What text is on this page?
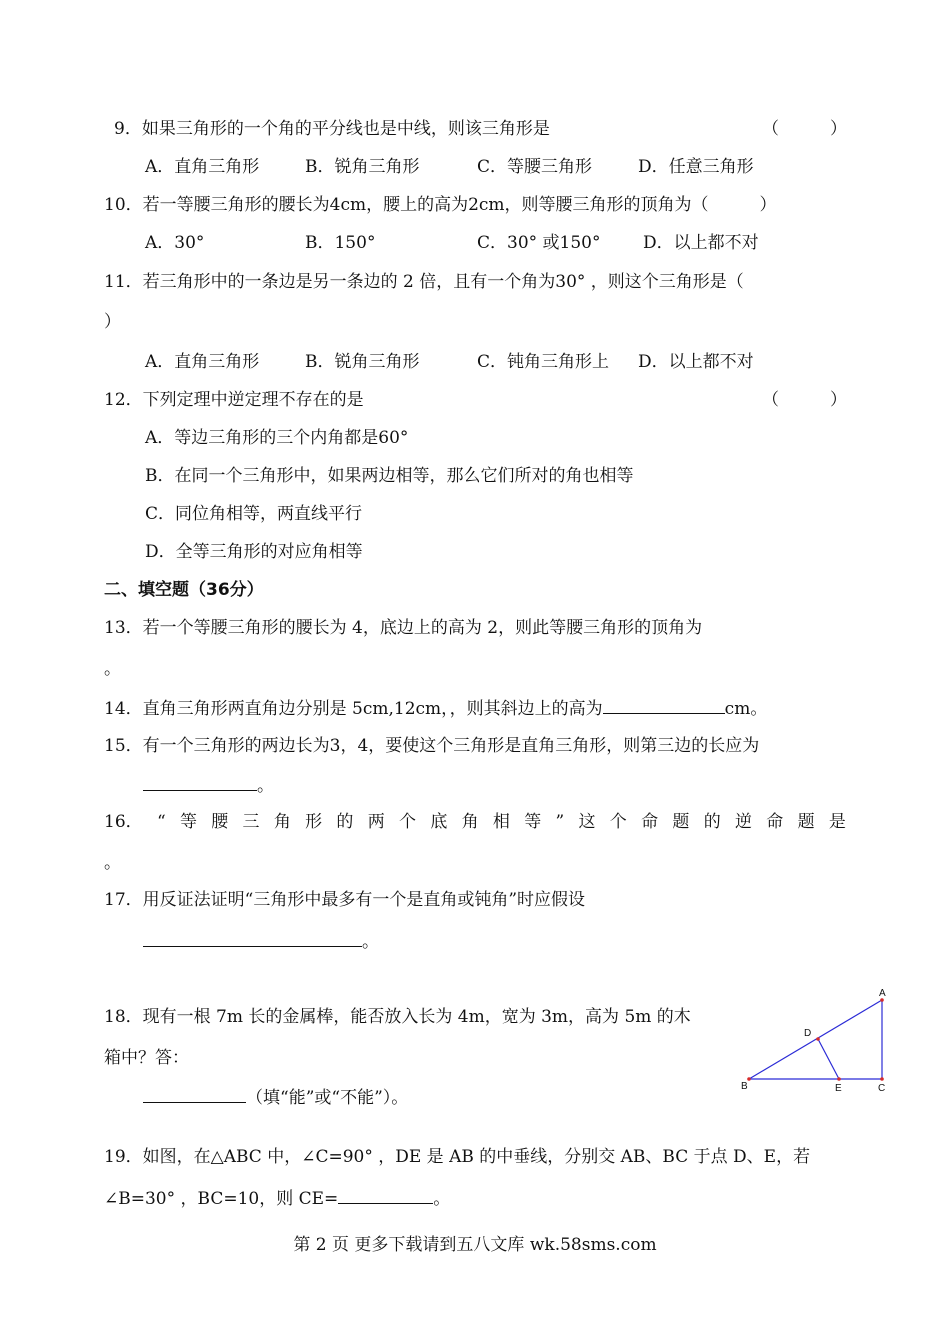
9．如果三角形的一个角的平分线也是中线，则该三角形是	（　　　）
A．直角三角形	B．锐角三角形	C．等腰三角形	D．任意三角形
10．若一等腰三角形的腰长为4cm，腰上的高为2cm，则等腰三角形的顶角为（　　　）
A．30°	B．150°	C．30° 或150°	D．以上都不对
11．若三角形中的一条边是另一条边的 2 倍，且有一个角为30° ，则这个三角形是（
）
A．直角三角形	B．锐角三角形	C．钝角三角形上 D．以上都不对
12．下列定理中逆定理不存在的是	（　　　）
A．等边三角形的三个内角都是60°
B．在同一个三角形中，如果两边相等，那么它们所对的角也相等
C．同位角相等，两直线平行
D．全等三角形的对应角相等
二、填空题（36分）
13．若一个等腰三角形的腰长为 4，底边上的高为 2，则此等腰三角形的顶角为
。
14．直角三角形两直角边分别是 5cm,12cm，，则其斜边上的高为	cm。
15．有一个三角形的两边长为3，4，要使这个三角形是直角三角形，则第三边的长应为
。
16． “ 等 腰 三 角 形 的 两 个 底 角 相 等 ” 这 个 命 题 的 逆 命 题 是
。
17．用反证法证明“三角形中最多有一个是直角或钝角”时应假设
。
18．现有一根 7m 长的金属棒，能否放入长为 4m，宽为 3m，高为 5m 的木
箱中？答：
（填“能”或“不能”）。
A
B	C
D
E
19．如图，在△ABC 中，∠C=90° ，DE 是 AB 的中垂线，分别交 AB、BC 于点 D、E，若
∠B=30° ，BC=10，则 CE=	。
第 2 页 更多下载请到五八文库 wk.58sms.com
